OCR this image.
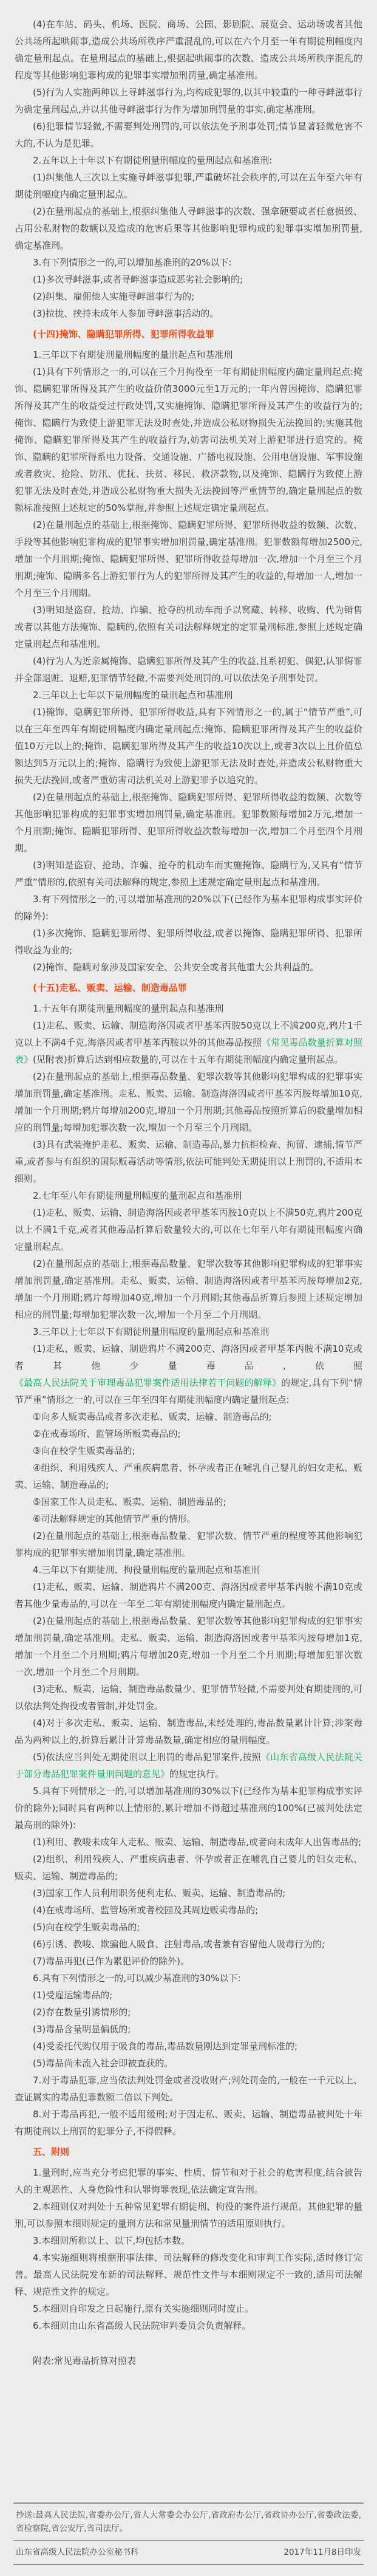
(4)在车站、码头、机场、医院、商场、公园、影剧院、展览会、运动场或者其他公共场所起哄闹事,造成公共场所秩序严重混乱的,可以在六个月至一年有期徒刑幅度内确定量刑起点。在量刑起点的基础上,根据起哄闹事的次数、造成公共场所秩序混乱的程度等其他影响犯罪构成的犯罪事实增加刑罚量,确定基准刑。

(5)行为人实施两种以上寻衅滋事行为,均构成犯罪的,以其中较重的一种寻衅滋事行为确定量刑起点,并以其他寻衅滋事行为作为增加刑罚量的事实,确定基准刑。

(6)犯罪情节轻微,不需要判处刑罚的,可以依法免予刑事处罚;情节显著轻微危害不大的,不认为是犯罪。

2.五年以上十年以下有期徒刑量刑幅度的量刑起点和基准刑:

(1)纠集他人三次以上实施寻衅滋事犯罪,严重破坏社会秩序的,可以在五年至六年有期徒刑幅度内确定量刑起点。

(2)在量刑起点的基础上,根据纠集他人寻衅滋事的次数、强拿硬要或者任意损毁、占用公私财物的数额以及造成的危害后果等其他影响犯罪构成的犯罪事实增加刑罚量,确定基准刑。

3.有下列情形之一的,可以增加基准刑的20%以下:

(1)多次寻衅滋事,或者寻衅滋事造成恶劣社会影响的;

(2)纠集、雇佣他人实施寻衅滋事行为的;

(3)拉拢、挟持未成年人参加寻衅滋事活动的。

(十四)掩饰、隐瞒犯罪所得、犯罪所得收益罪

1.三年以下有期徒刑量刑幅度的量刑起点和基准刑

(1)具有下列情形之一的,可以在三个月拘役至一年有期徒刑幅度内确定量刑起点:掩饰、隐瞒犯罪所得及其产生的收益价值3000元至1万元的;一年内曾因掩饰、隐瞒犯罪所得及其产生的收益受过行政处罚,又实施掩饰、隐瞒犯罪所得及其产生的收益行为的;掩饰、隐瞒行为致使上游犯罪无法及时查处,并造成公私财物损失无法挽回的;实施其他掩饰、隐瞒犯罪所得及其产生的收益行为,妨害司法机关对上游犯罪进行追究的。掩饰、隐瞒的犯罪所得系电力设备、交通设施、广播电视设施、公用电信设施、军事设施或者救灾、抢险、防汛、优抚、扶贫、移民、救济款物,以及掩饰、隐瞒行为致使上游犯罪无法及时查处,并造成公私财物重大损失无法挽回等严重情节的,确定量刑起点的数额标准按照上述规定的50%掌握,并参照上述规定确定量刑起点。

(2)在量刑起点的基础上,根据掩饰、隐瞒犯罪所得、犯罪所得收益的数额、次数、手段等其他影响犯罪构成的犯罪事实增加刑罚量,确定基准刑。犯罪数额每增加2500元,增加一个月刑期;掩饰、隐瞒犯罪所得、犯罪所得收益每增加一次,增加一个月至三个月刑期;掩饰、隐瞒多名上游犯罪行为人的犯罪所得及其产生的收益的,每增加一人,增加一个月至三个月刑期。

(3)明知是盗窃、抢劫、诈骗、抢夺的机动车而予以窝藏、转移、收购、代为销售或者以其他方法掩饰、隐瞒的,依照有关司法解释规定的定罪量刑标准,参照上述规定确定量刑起点和基准刑。

(4)行为人为近亲属掩饰、隐瞒犯罪所得及其产生的收益,且系初犯、偶犯,认罪悔罪并全部退赃、退赔,犯罪情节轻微,不需要判处刑罚的,可以依法免予刑事处罚。

2.三年以上七年以下量刑幅度的量刑起点和基准刑

(1)掩饰、隐瞒犯罪所得、犯罪所得收益,具有下列情形之一的,属于“情节严重”,可以在三年至四年有期徒刑幅度内确定量刑起点:掩饰、隐瞒犯罪所得及其产生的收益价值10万元以上的;掩饰、隐瞒犯罪所得及其产生的收益10次以上,或者3次以上且价值总额达到5万元以上的;掩饰、隐瞒行为致使上游犯罪无法及时查处,并造成公私财物重大损失无法挽回,或者严重妨害司法机关对上游犯罪予以追究的。

(2)在量刑起点的基础上,根据掩饰、隐瞒犯罪所得、犯罪所得收益的数额、次数等其他影响犯罪构成的犯罪事实增加刑罚量,确定基准刑。犯罪数额每增加2万元,增加一个月刑期;掩饰、隐瞒犯罪所得、犯罪所得收益次数每增加一次,增加二个月至四个月刑期。

(3)明知是盗窃、抢劫、诈骗、抢夺的机动车而实施掩饰、隐瞒行为,又具有“情节严重”情形的,依照有关司法解释的规定,参照上述规定确定量刑起点和基准刑。

3.有下列情形之一的,可以增加基准刑的20%以下(已经作为基本犯罪构成事实评价的除外):

(1)多次掩饰、隐瞒犯罪所得、犯罪所得收益,或者以掩饰、隐瞒犯罪所得、犯罪所得收益为业的;

(2)掩饰、隐瞒对象涉及国家安全、公共安全或者其他重大公共利益的。

(十五)走私、贩卖、运输、制造毒品罪

1.十五年有期徒刑量刑幅度的量刑起点和基准刑

(1)走私、贩卖、运输、制造海洛因或者甲基苯丙胺50克以上不满200克,鸦片1千克以上不满4千克,海洛因或者甲基苯丙胺以外的其他毒品按照《常见毒品数量折算对照表》(见附表)折算后达到相应数量的,可以在十五年有期徒刑幅度内确定量刑起点。

(2)在量刑起点的基础上,根据毒品数量、犯罪次数等其他影响犯罪构成的犯罪事实增加刑罚量,确定基准刑。走私、贩卖、运输、制造海洛因或者甲基苯丙胺每增加10克,增加一个月刑期;鸦片每增加200克,增加一个月刑期;其他毒品按照折算后的数量增加相应的刑罚量;每增加犯罪次数一次,增加一个月至三个月刑期。

(3)具有武装掩护走私、贩卖、运输、制造毒品,暴力抗拒检查、拘留、逮捕,情节严重,或者参与有组织的国际贩毒活动等情形,依法可能判处无期徒刑以上刑罚的,不适用本细则。

2.七年至八年有期徒刑量刑幅度的量刑起点和基准刑

(1)走私、贩卖、运输、制造海洛因或者甲基苯丙胺10克以上不满50克,鸦片200克以上不满1千克,或者其他毒品折算后数量较大的,可以在七年至八年有期徒刑幅度内确定量刑起点。

(2)在量刑起点的基础上,根据毒品数量、犯罪次数等其他影响犯罪构成的犯罪事实增加刑罚量,确定基准刑。走私、贩卖、运输、制造海洛因或者甲基苯丙胺每增加2克,增加一个月刑期;鸦片每增加40克,增加一个月刑期;其他毒品折算后参照上述规定增加相应的刑罚量;每增加犯罪次数一次,增加一个月至二个月刑期。

3.三年以上七年以下有期徒刑量刑幅度的量刑起点和基准刑

(1)走私、贩卖、运输、制造鸦片不满200克、海洛因或者甲基苯丙胺不满10克或者其他少量毒品,依照《最高人民法院关于审理毒品犯罪案件适用法律若干问题的解释》的规定,具有下列“情节严重”情形之一的,可以在三年至四年有期徒刑幅度内确定量刑起点:

①向多人贩卖毒品或者多次走私、贩卖、运输、制造毒品的;

②在戒毒场所、监管场所贩卖毒品的;

③向在校学生贩卖毒品的;

④组织、利用残疾人、严重疾病患者、怀孕或者正在哺乳自己婴儿的妇女走私、贩卖、运输、制造毒品的;

⑤国家工作人员走私、贩卖、运输、制造毒品的;

⑥司法解释规定的其他情节严重的情形。

(2)在量刑起点的基础上,根据毒品数量、犯罪次数、情节严重的程度等其他影响犯罪构成的犯罪事实增加刑罚量,确定基准刑。

4.三年以下有期徒刑、拘役量刑幅度的量刑起点和基准刑

(1)走私、贩卖、运输、制造鸦片不满200克、海洛因或者甲基苯丙胺不满10克或者其他少量毒品的,可以在一年至二年有期徒刑幅度内确定量刑起点。

(2)在量刑起点的基础上,根据毒品数量、犯罪次数等其他影响犯罪构成的犯罪事实增加刑罚量,确定基准刑。走私、贩卖、运输、制造海洛因或者甲基苯丙胺每增加1克,增加一个月至二个月刑期;鸦片每增加20克,增加一个月至二个月刑期;每增加犯罪次数一次,增加一个月至二个月刑期。

(3)走私、贩卖、运输、制造毒品数量少、犯罪情节轻微,不需要判处有期徒刑的,可以依法判处拘役或者管制,并处罚金。

(4)对于多次走私、贩卖、运输、制造毒品,未经处理的,毒品数量累计计算;涉案毒品为两种以上的,折算后累计计算毒品数量,确定相应的量刑幅度。

(5)依法应当判处无期徒刑以上刑罚的毒品犯罪案件,按照《山东省高级人民法院关于部分毒品犯罪案件量刑问题的意见》的规定执行。

5.具有下列情形之一的,可以增加基准刑的30%以下(已经作为基本犯罪构成事实评价的除外);同时具有两种以上情形的,累计增加不得超过基准刑的100%(已被判处法定最高刑的除外):

(1)利用、教唆未成年人走私、贩卖、运输、制造毒品,或者向未成年人出售毒品的;

(2)组织、利用残疾人、严重疾病患者、怀孕或者正在哺乳自己婴儿的妇女走私、贩卖、运输、制造毒品的;

(3)国家工作人员利用职务便利走私、贩卖、运输、制造毒品的;

(4)在戒毒场所、监管场所或者校园及其周边贩卖毒品的;

(5)向在校学生贩卖毒品的;

(6)引诱、教唆、欺骗他人吸食、注射毒品,或者兼有容留他人吸毒行为的;

(7)毒品再犯(已作为累犯评价的除外)。

6.具有下列情形之一的,可以减少基准刑的30%以下:

(1)受雇运输毒品的;

(2)存在数量引诱情形的;

(3)毒品含量明显偏低的;

(4)受委托代购仅用于吸食的毒品,毒品数量刚达到定罪量刑标准的;

(5)毒品尚未流入社会即被查获的。

7.对于毒品犯罪,应当依法判处罚金或者没收财产;判处罚金的,一般在一千元以上、查证属实的毒品犯罪数额二倍以下判处。

8.对于毒品再犯,一般不适用缓刑;对于因走私、贩卖、运输、制造毒品被判处十年有期徒刑以上刑罚的犯罪分子,不得假释。

五、附则

1.量刑时,应当充分考虑犯罪的事实、性质、情节和对于社会的危害程度,结合被告人的主观恶性、人身危险性和认罪悔罪表现,依法确定宣告刑。

2.本细则仅对判处十五种常见犯罪有期徒刑、拘役的案件进行规范。其他犯罪的量刑,可以参照本细则规定的量刑方法和常见量刑情节的适用原则执行。

3.本细则所称以上、以下,均包括本数。

4.本实施细则将根据刑事法律、司法解释的修改变化和审判工作实际,适时修订完善。最高人民法院发布新的司法解释、规范性文件与本细则规定不一致的,适用司法解释、规范性文件的规定。

5.本细则自印发之日起施行,原有关实施细则同时废止。

6.本细则由山东省高级人民法院审判委员会负责解释。

附表:常见毒品折算对照表

抄送:最高人民法院,省委办公厅,省人大常委会办公厅,省政府办公厅,省政协办公厅,省委政法委,省检察院,省公安厅,省司法厅。
山东省高级人民法院办公室秘书科	2017年11月8日印发
